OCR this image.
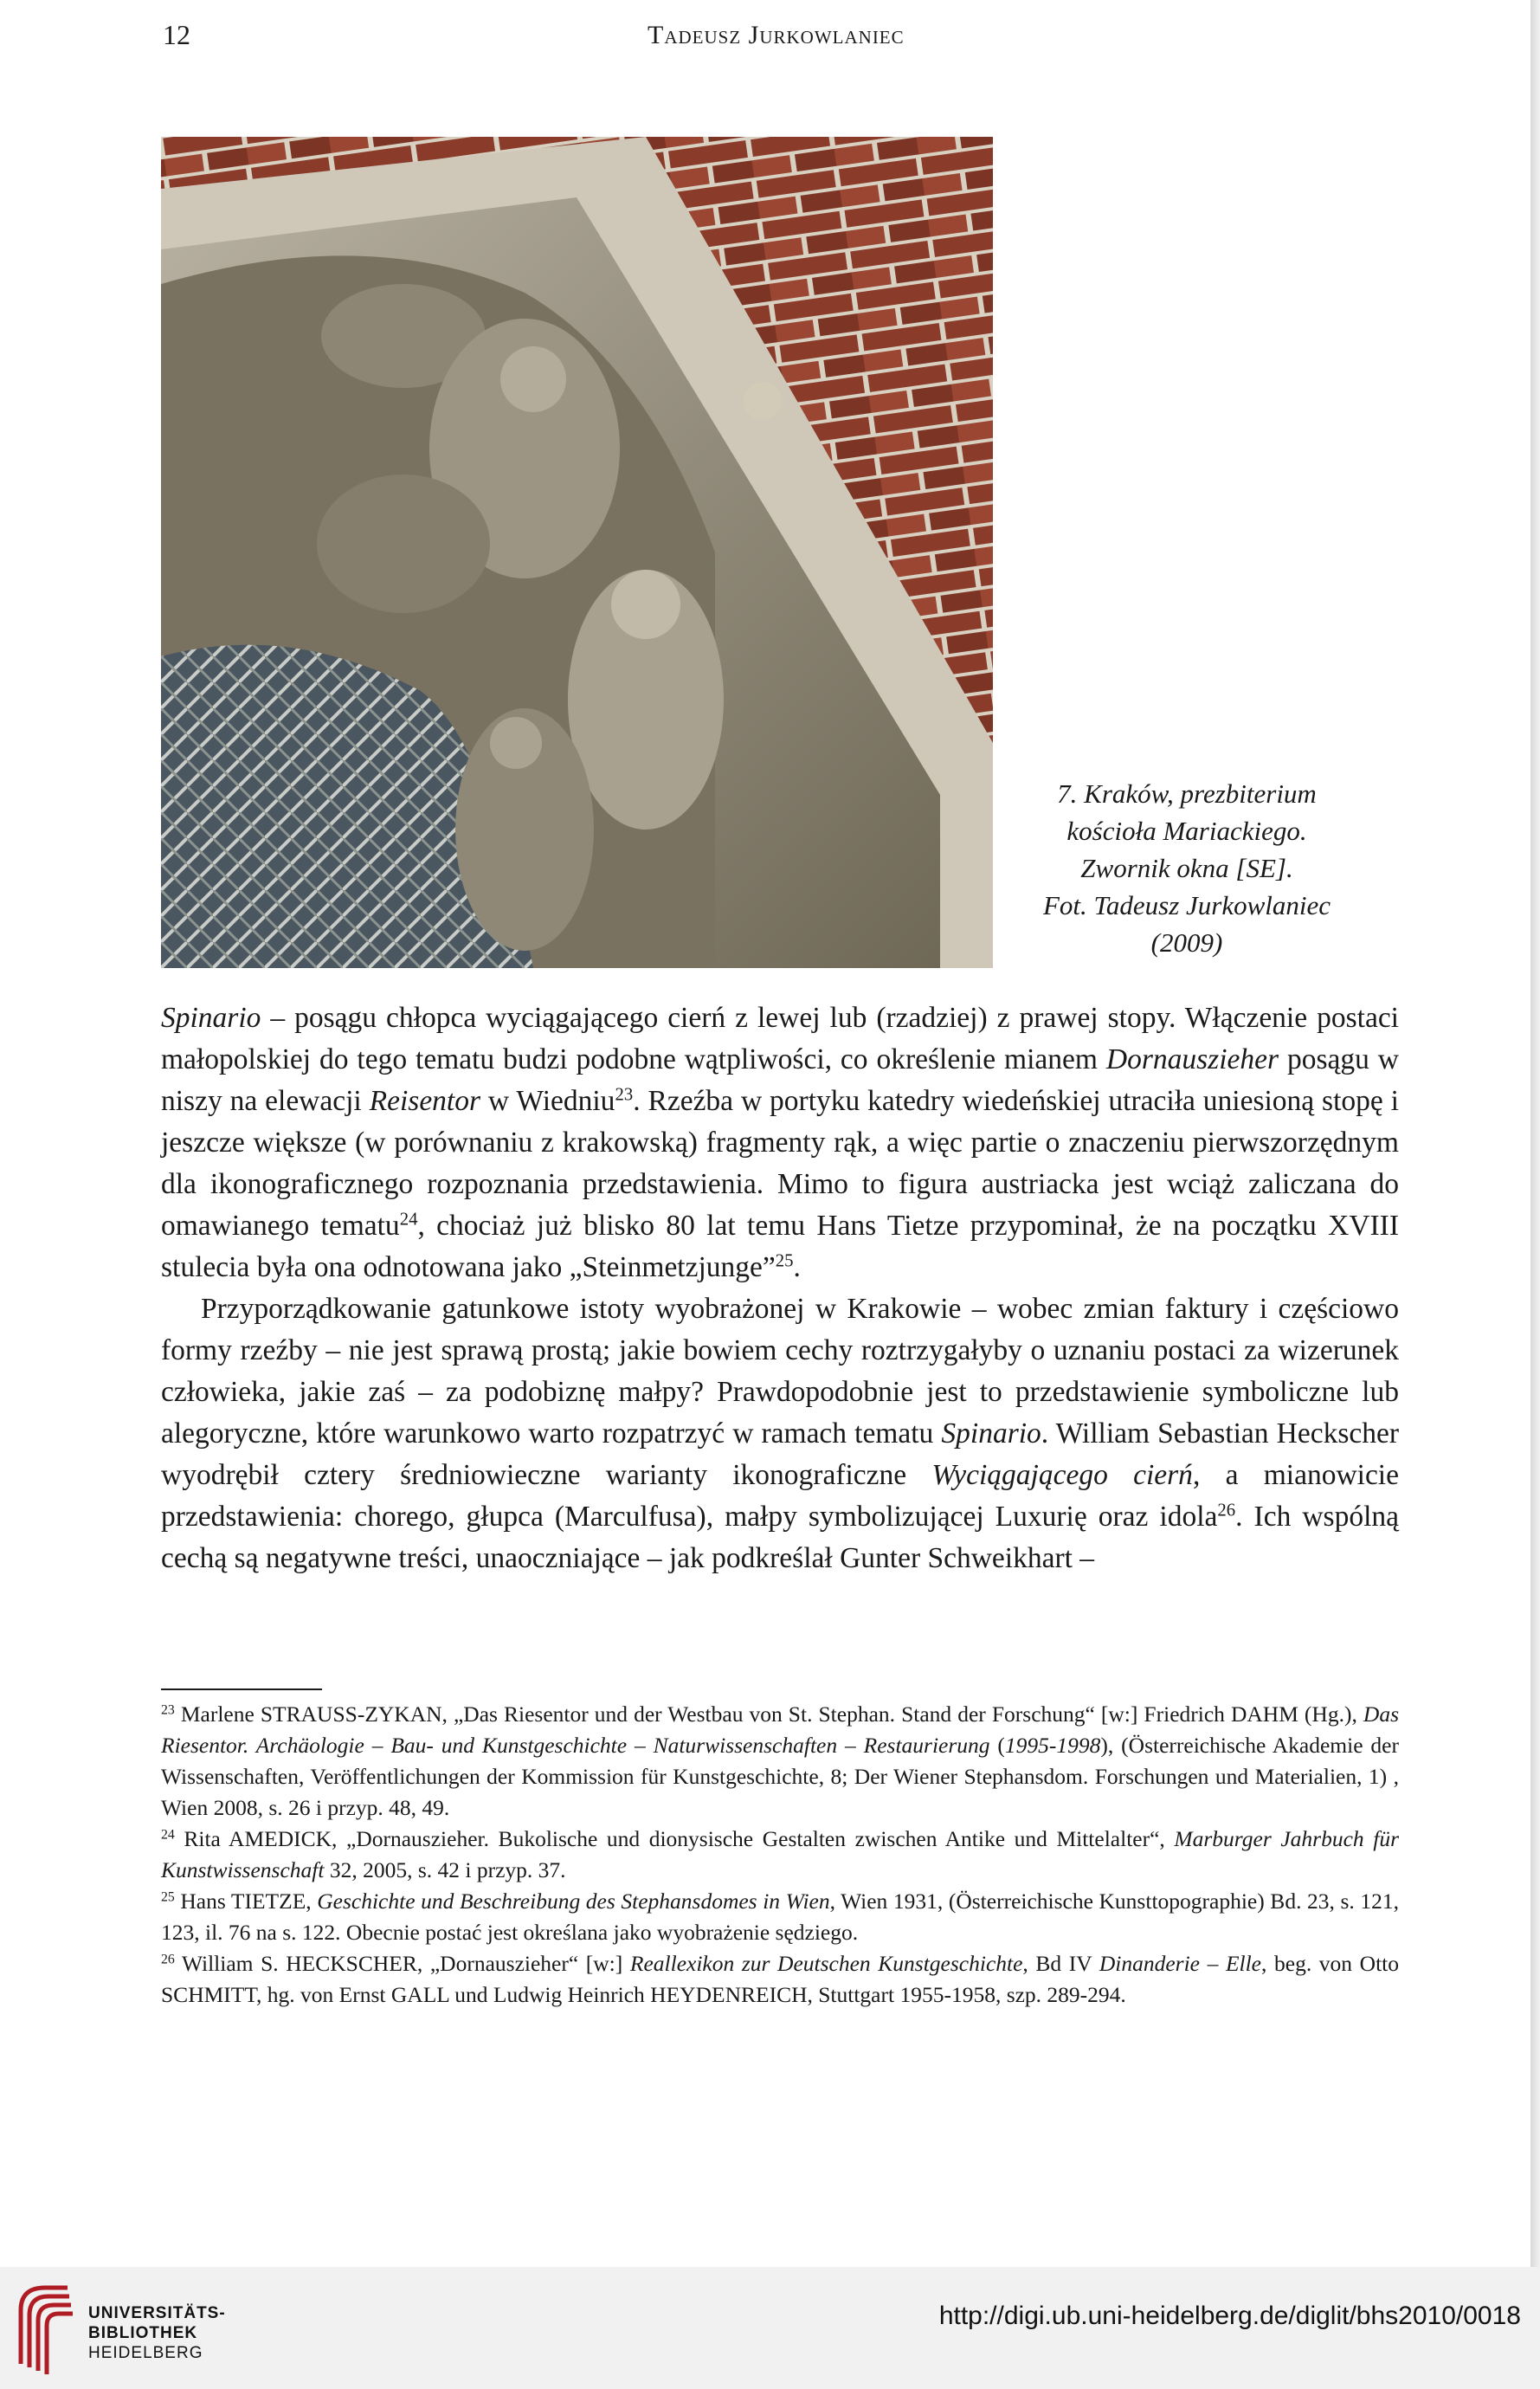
12	Tadeusz Jurkowlaniec
7. Kraków, prezbiterium
kościoła Mariackiego.
Zwornik okna [SE].
Fot. Tadeusz Jurkowlaniec
(2009)

Spinario – posągu chłopca wyciągającego cierń z lewej lub (rzadziej) z prawej stopy. Włączenie postaci małopolskiej do tego tematu budzi podobne wątpliwości, co określenie mianem Dornauszieher posągu w niszy na elewacji Reisentor w Wiedniu$^{23}$. Rzeźba w portyku katedry wiedeńskiej utraciła uniesioną stopę i jeszcze większe (w porównaniu z krakowską) fragmenty rąk, a więc partie o znaczeniu pierwszorzędnym dla ikonograficznego rozpoznania przedstawienia. Mimo to figura austriacka jest wciąż zaliczana do omawianego tematu$^{24}$, chociaż już blisko 80 lat temu Hans Tietze przypominał, że na początku XVIII stulecia była ona odnotowana jako „Steinmetzjunge”$^{25}$.

Przyporządkowanie gatunkowe istoty wyobrażonej w Krakowie – wobec zmian faktury i częściowo formy rzeźby – nie jest sprawą prostą; jakie bowiem cechy roztrzygałyby o uznaniu postaci za wizerunek człowieka, jakie zaś – za podobiznę małpy? Prawdopodobnie jest to przedstawienie symboliczne lub alegoryczne, które warunkowo warto rozpatrzyć w ramach tematu Spinario. William Sebastian Heckscher wyodrębił cztery średniowieczne warianty ikonograficzne Wyciągającego cierń, a mianowicie przedstawienia: chorego, głupca (Marculfusa), małpy symbolizującej Luxurię oraz idola$^{26}$. Ich wspólną cechą są negatywne treści, unaoczniające – jak podkreślał Gunter Schweikhart –

$^{23}$ Marlene STRAUSS-ZYKAN, „Das Riesentor und der Westbau von St. Stephan. Stand der Forschung“ [w:] Friedrich DAHM (Hg.), Das Riesentor. Archäologie – Bau- und Kunstgeschichte – Naturwissenschaften – Restaurierung (1995-1998), (Österreichische Akademie der Wissenschaften, Veröffentlichungen der Kommission für Kunstgeschichte, 8; Der Wiener Stephansdom. Forschungen und Materialien, 1) , Wien 2008, s. 26 i przyp. 48, 49.

$^{24}$ Rita AMEDICK, „Dornauszieher. Bukolische und dionysische Gestalten zwischen Antike und Mittelalter“, Marburger Jahrbuch für Kunstwissenschaft 32, 2005, s. 42 i przyp. 37.

$^{25}$ Hans TIETZE, Geschichte und Beschreibung des Stephansdomes in Wien, Wien 1931, (Österreichische Kunsttopographie) Bd. 23, s. 121, 123, il. 76 na s. 122. Obecnie postać jest określana jako wyobrażenie sędziego.

$^{26}$ William S. HECKSCHER, „Dornauszieher“ [w:] Reallexikon zur Deutschen Kunstgeschichte, Bd IV Dinanderie – Elle, beg. von Otto SCHMITT, hg. von Ernst GALL und Ludwig Heinrich HEYDENREICH, Stuttgart 1955-1958, szp. 289-294.

UNIVERSITÄTS-
BIBLIOTHEK
HEIDELBERG
http://digi.ub.uni-heidelberg.de/diglit/bhs2010/0018
